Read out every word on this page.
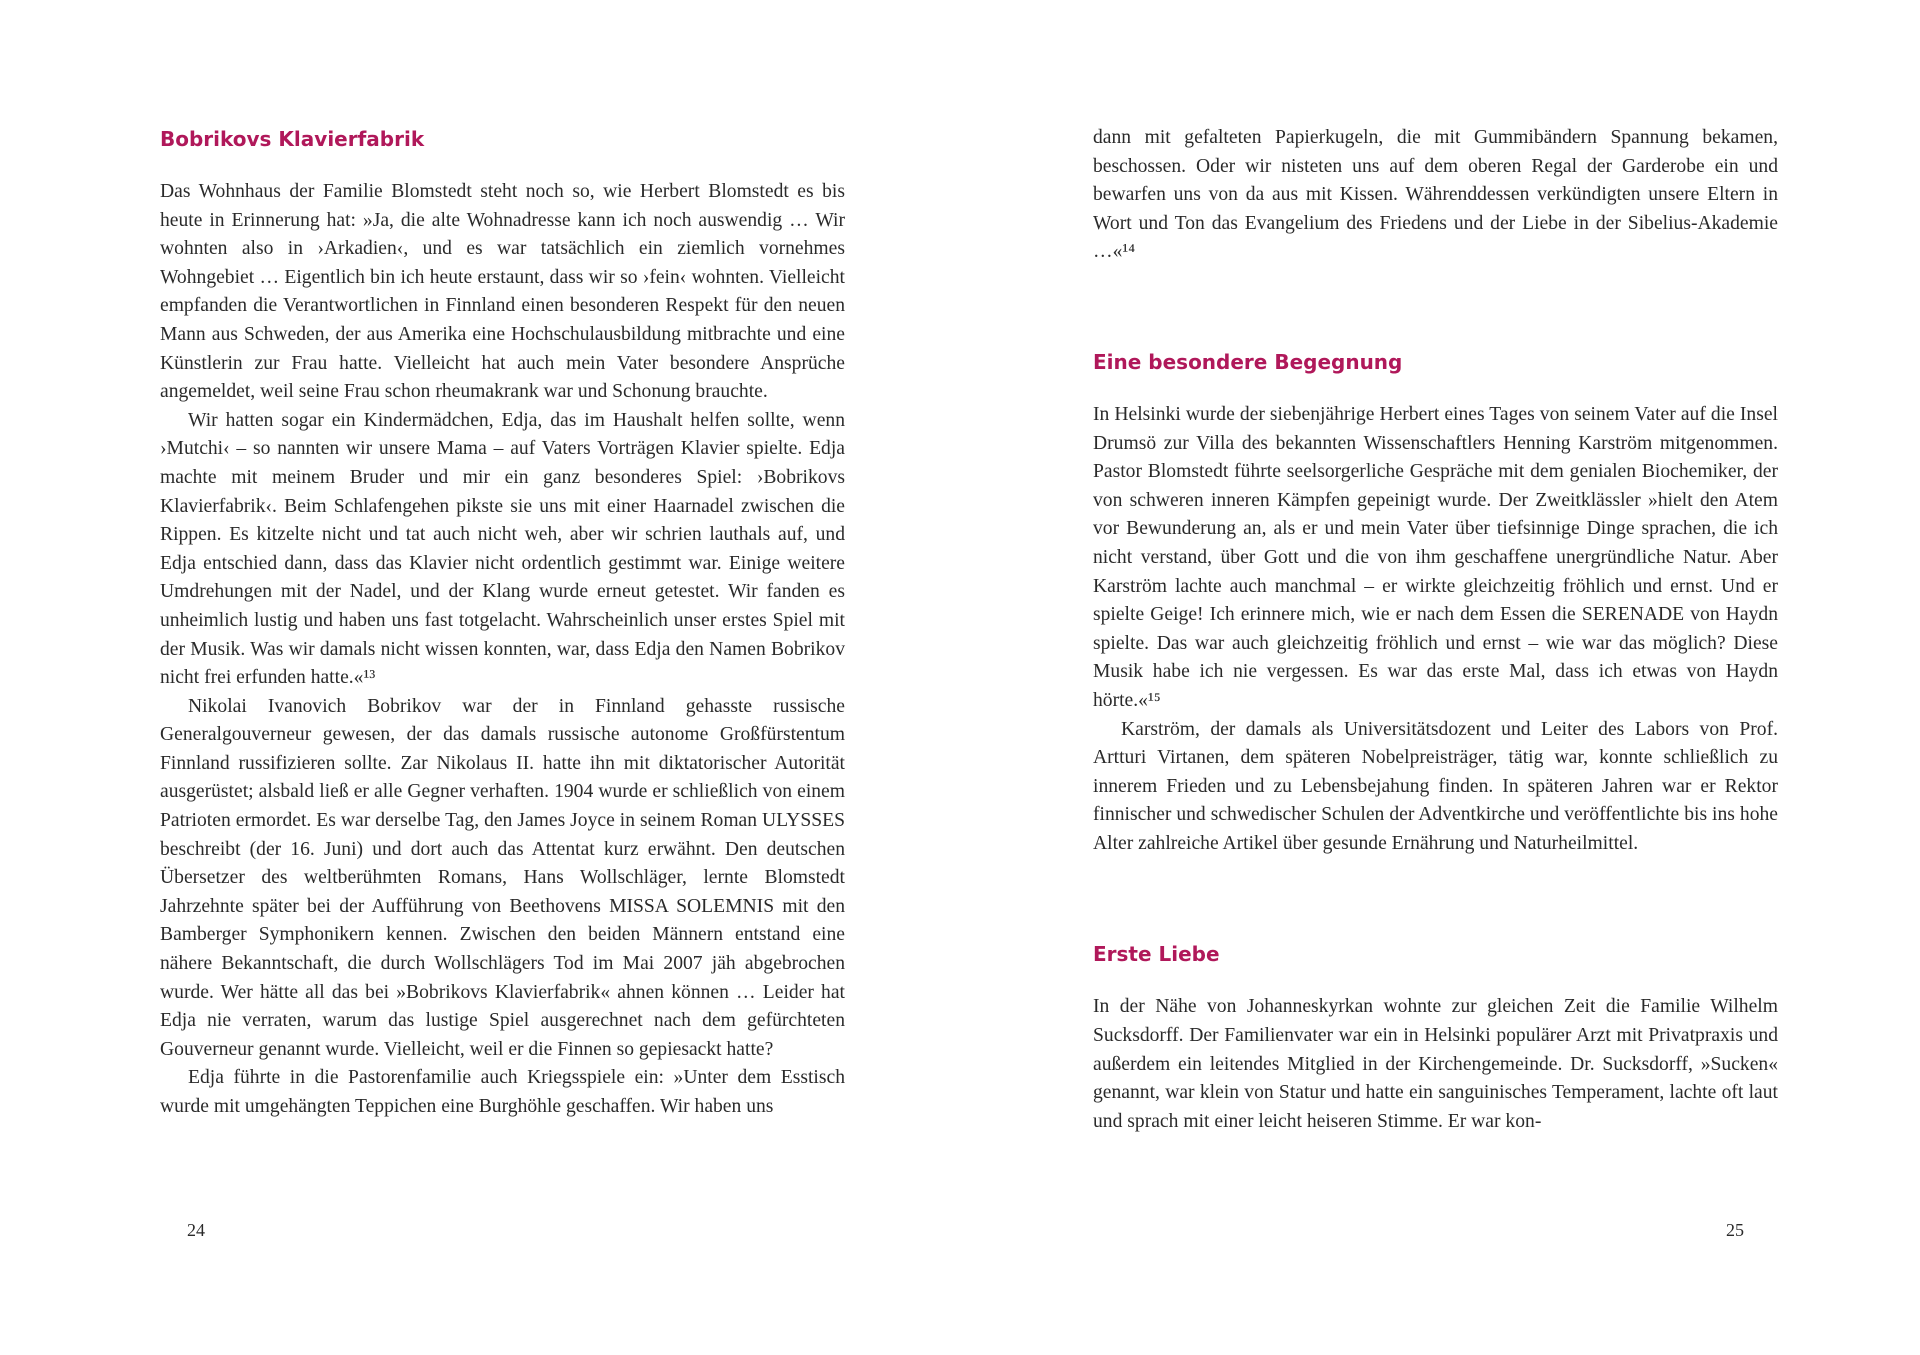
Bobrikovs Klavierfabrik

Das Wohnhaus der Familie Blomstedt steht noch so, wie Herbert Blomstedt es bis heute in Erinnerung hat: »Ja, die alte Wohnadresse kann ich noch auswendig … Wir wohnten also in ›Arkadien‹, und es war tatsächlich ein ziemlich vornehmes Wohngebiet … Eigentlich bin ich heute erstaunt, dass wir so ›fein‹ wohnten. Vielleicht empfanden die Verantwortlichen in Finnland einen besonderen Respekt für den neuen Mann aus Schweden, der aus Amerika eine Hochschulausbildung mitbrachte und eine Künstlerin zur Frau hatte. Vielleicht hat auch mein Vater besondere Ansprüche angemeldet, weil seine Frau schon rheumakrank war und Schonung brauchte.

Wir hatten sogar ein Kindermädchen, Edja, das im Haushalt helfen sollte, wenn ›Mutchi‹ – so nannten wir unsere Mama – auf Vaters Vorträgen Klavier spielte. Edja machte mit meinem Bruder und mir ein ganz besonderes Spiel: ›Bobrikovs Klavierfabrik‹. Beim Schlafengehen pikste sie uns mit einer Haarnadel zwischen die Rippen. Es kitzelte nicht und tat auch nicht weh, aber wir schrien lauthals auf, und Edja entschied dann, dass das Klavier nicht ordentlich gestimmt war. Einige weitere Umdrehungen mit der Nadel, und der Klang wurde erneut getestet. Wir fanden es unheimlich lustig und haben uns fast totgelacht. Wahrscheinlich unser erstes Spiel mit der Musik. Was wir damals nicht wissen konnten, war, dass Edja den Namen Bobrikov nicht frei erfunden hatte.«¹³

Nikolai Ivanovich Bobrikov war der in Finnland gehasste russische Generalgouverneur gewesen, der das damals russische autonome Großfürstentum Finnland russifizieren sollte. Zar Nikolaus II. hatte ihn mit diktatorischer Autorität ausgerüstet; alsbald ließ er alle Gegner verhaften. 1904 wurde er schließlich von einem Patrioten ermordet. Es war derselbe Tag, den James Joyce in seinem Roman ULYSSES beschreibt (der 16. Juni) und dort auch das Attentat kurz erwähnt. Den deutschen Übersetzer des weltberühmten Romans, Hans Wollschläger, lernte Blomstedt Jahrzehnte später bei der Aufführung von Beethovens MISSA SOLEMNIS mit den Bamberger Symphonikern kennen. Zwischen den beiden Männern entstand eine nähere Bekanntschaft, die durch Wollschlägers Tod im Mai 2007 jäh abgebrochen wurde. Wer hätte all das bei »Bobrikovs Klavierfabrik« ahnen können … Leider hat Edja nie verraten, warum das lustige Spiel ausgerechnet nach dem gefürchteten Gouverneur genannt wurde. Vielleicht, weil er die Finnen so gepiesackt hatte?

Edja führte in die Pastorenfamilie auch Kriegsspiele ein: »Unter dem Esstisch wurde mit umgehängten Teppichen eine Burghöhle geschaffen. Wir haben uns

24

dann mit gefalteten Papierkugeln, die mit Gummibändern Spannung bekamen, beschossen. Oder wir nisteten uns auf dem oberen Regal der Garderobe ein und bewarfen uns von da aus mit Kissen. Währenddessen verkündigten unsere Eltern in Wort und Ton das Evangelium des Friedens und der Liebe in der Sibelius-Akademie …«¹⁴

Eine besondere Begegnung

In Helsinki wurde der siebenjährige Herbert eines Tages von seinem Vater auf die Insel Drumsö zur Villa des bekannten Wissenschaftlers Henning Karström mitgenommen. Pastor Blomstedt führte seelsorgerliche Gespräche mit dem genialen Biochemiker, der von schweren inneren Kämpfen gepeinigt wurde. Der Zweitklässler »hielt den Atem vor Bewunderung an, als er und mein Vater über tiefsinnige Dinge sprachen, die ich nicht verstand, über Gott und die von ihm geschaffene unergründliche Natur. Aber Karström lachte auch manchmal – er wirkte gleichzeitig fröhlich und ernst. Und er spielte Geige! Ich erinnere mich, wie er nach dem Essen die SERENADE von Haydn spielte. Das war auch gleichzeitig fröhlich und ernst – wie war das möglich? Diese Musik habe ich nie vergessen. Es war das erste Mal, dass ich etwas von Haydn hörte.«¹⁵

Karström, der damals als Universitätsdozent und Leiter des Labors von Prof. Artturi Virtanen, dem späteren Nobelpreisträger, tätig war, konnte schließlich zu innerem Frieden und zu Lebensbejahung finden. In späteren Jahren war er Rektor finnischer und schwedischer Schulen der Adventkirche und veröffentlichte bis ins hohe Alter zahlreiche Artikel über gesunde Ernährung und Naturheilmittel.

Erste Liebe

In der Nähe von Johanneskyrkan wohnte zur gleichen Zeit die Familie Wilhelm Sucksdorff. Der Familienvater war ein in Helsinki populärer Arzt mit Privatpraxis und außerdem ein leitendes Mitglied in der Kirchengemeinde. Dr. Sucksdorff, »Sucken« genannt, war klein von Statur und hatte ein sanguinisches Temperament, lachte oft laut und sprach mit einer leicht heiseren Stimme. Er war kon-

25
